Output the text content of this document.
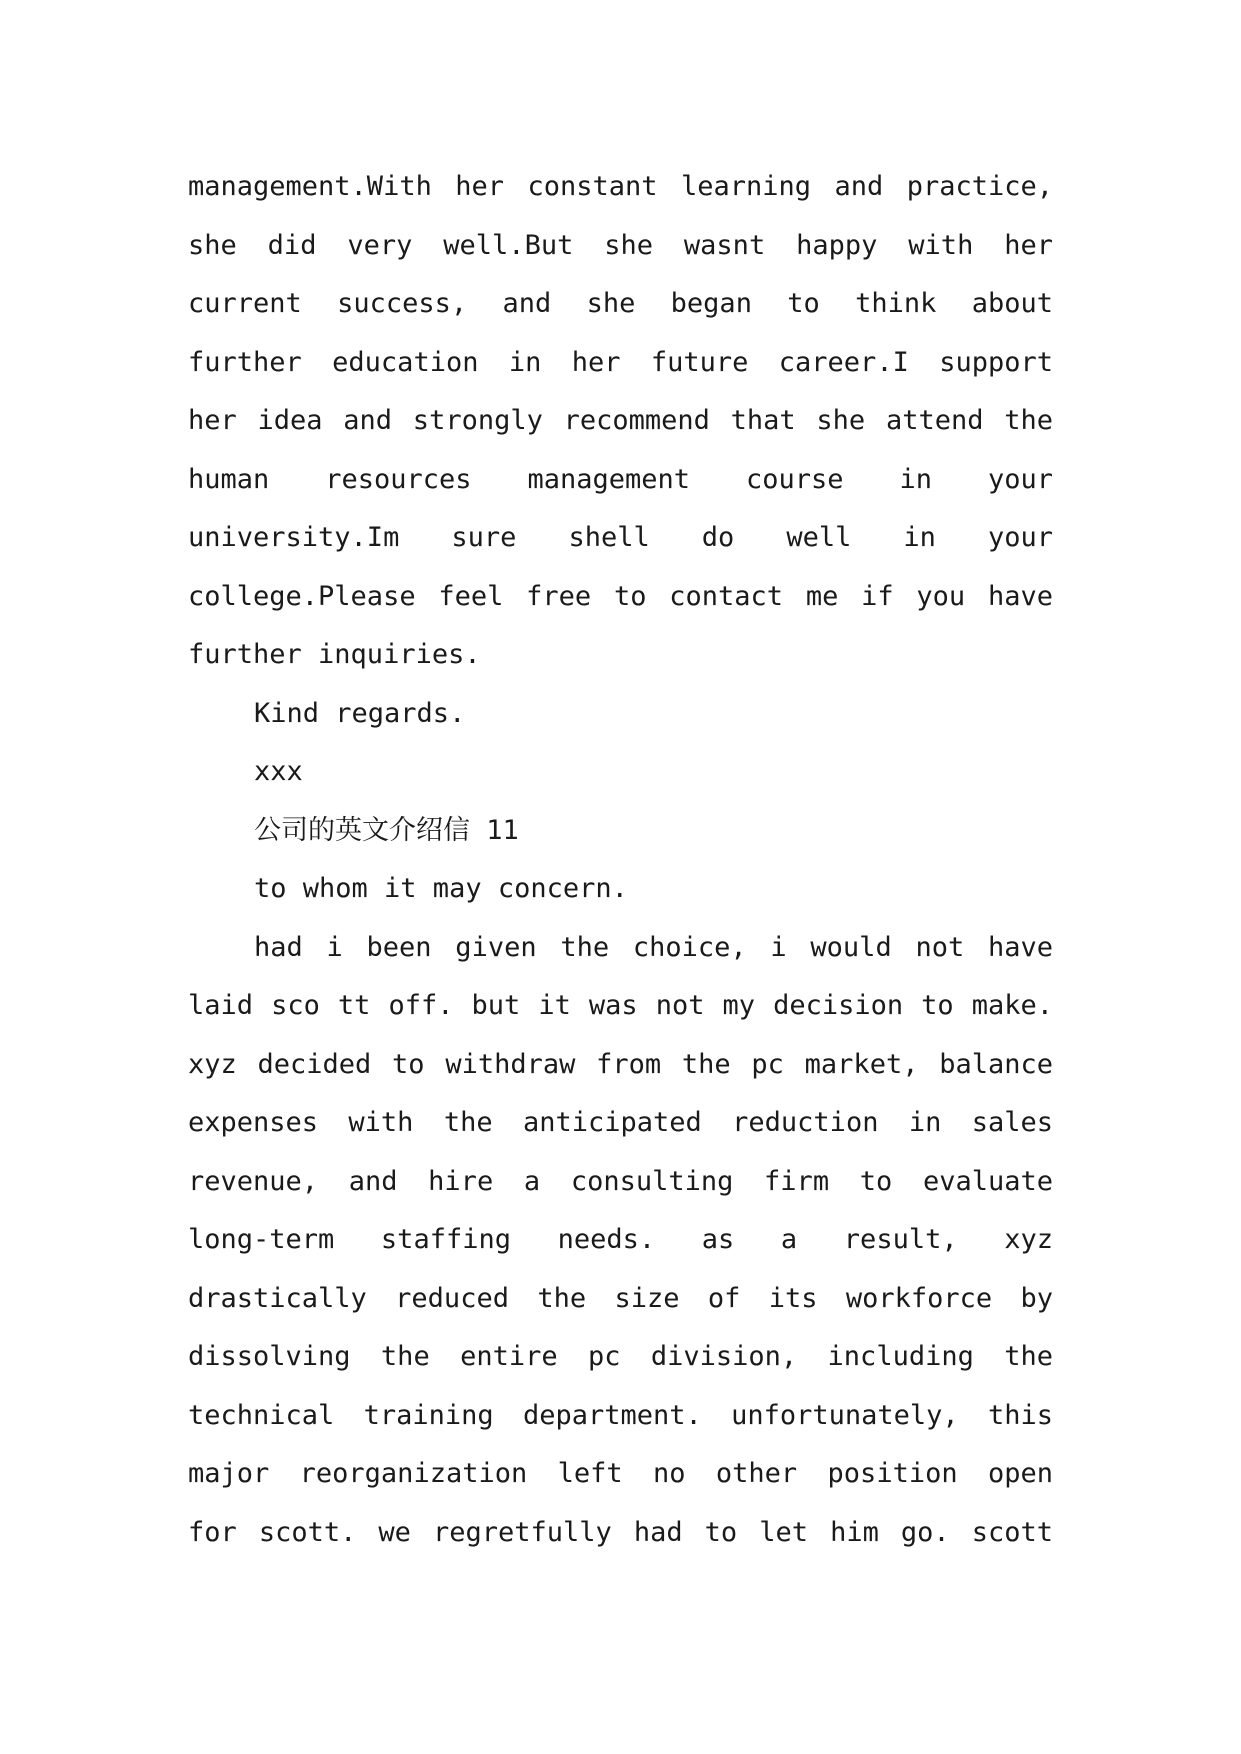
management.With her constant learning and practice,
she did very well.But she wasnt happy with her
current success, and she began to think about
further education in her future career.I support
her idea and strongly recommend that she attend the
human resources management course in your
university.Im sure shell do well in your
college.Please feel free to contact me if you have
further inquiries.
Kind regards.
xxx
公司的英文介绍信 11
to whom it may concern.
had i been given the choice, i would not have
laid sco tt off. but it was not my decision to make.
xyz decided to withdraw from the pc market, balance
expenses with the anticipated reduction in sales
revenue, and hire a consulting firm to evaluate
long-term staffing needs. as a result, xyz
drastically reduced the size of its workforce by
dissolving the entire pc division, including the
technical training department. unfortunately, this
major reorganization left no other position open
for scott. we regretfully had to let him go. scott
